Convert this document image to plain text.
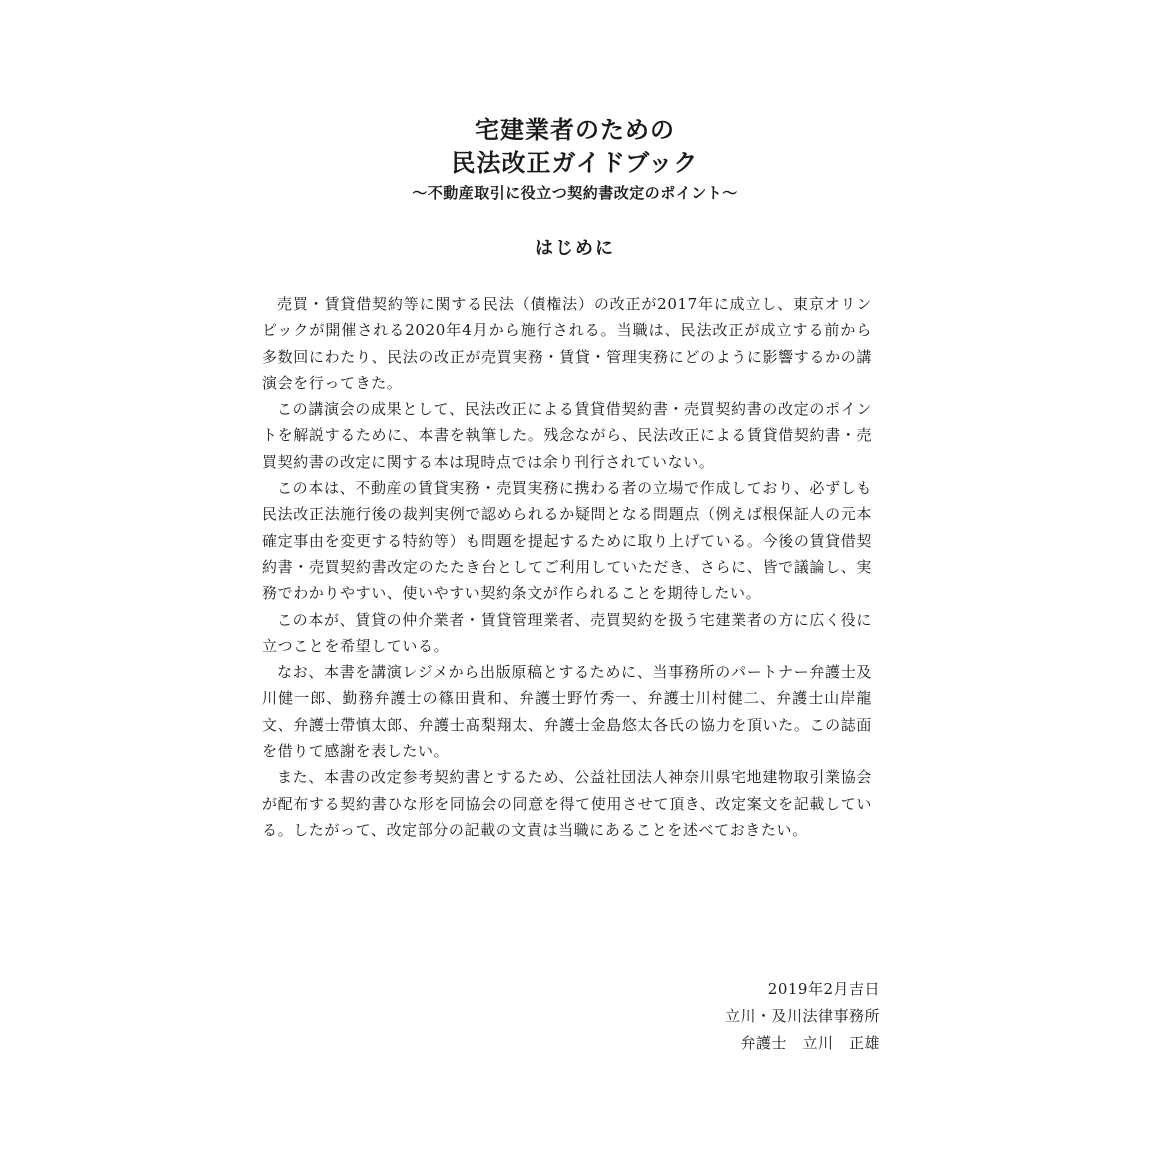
宅建業者のための
民法改正ガイドブック
〜不動産取引に役立つ契約書改定のポイント〜
はじめに

売買・賃貸借契約等に関する民法（債権法）の改正が2017年に成立し、東京オリンピックが開催される2020年4月から施行される。当職は、民法改正が成立する前から多数回にわたり、民法の改正が売買実務・賃貸・管理実務にどのように影響するかの講演会を行ってきた。

この講演会の成果として、民法改正による賃貸借契約書・売買契約書の改定のポイントを解説するために、本書を執筆した。残念ながら、民法改正による賃貸借契約書・売買契約書の改定に関する本は現時点では余り刊行されていない。

この本は、不動産の賃貸実務・売買実務に携わる者の立場で作成しており、必ずしも民法改正法施行後の裁判実例で認められるか疑問となる問題点（例えば根保証人の元本確定事由を変更する特約等）も問題を提起するために取り上げている。今後の賃貸借契約書・売買契約書改定のたたき台としてご利用していただき、さらに、皆で議論し、実務でわかりやすい、使いやすい契約条文が作られることを期待したい。

この本が、賃貸の仲介業者・賃貸管理業者、売買契約を扱う宅建業者の方に広く役に立つことを希望している。

なお、本書を講演レジメから出版原稿とするために、当事務所のパートナー弁護士及川健一郎、勤務弁護士の篠田貴和、弁護士野竹秀一、弁護士川村健二、弁護士山岸龍文、弁護士帶慎太郎、弁護士髙梨翔太、弁護士金島悠太各氏の協力を頂いた。この誌面を借りて感謝を表したい。

また、本書の改定参考契約書とするため、公益社団法人神奈川県宅地建物取引業協会が配布する契約書ひな形を同協会の同意を得て使用させて頂き、改定案文を記載している。したがって、改定部分の記載の文責は当職にあることを述べておきたい。

2019年2月吉日
立川・及川法律事務所
弁護士　立川　正雄
